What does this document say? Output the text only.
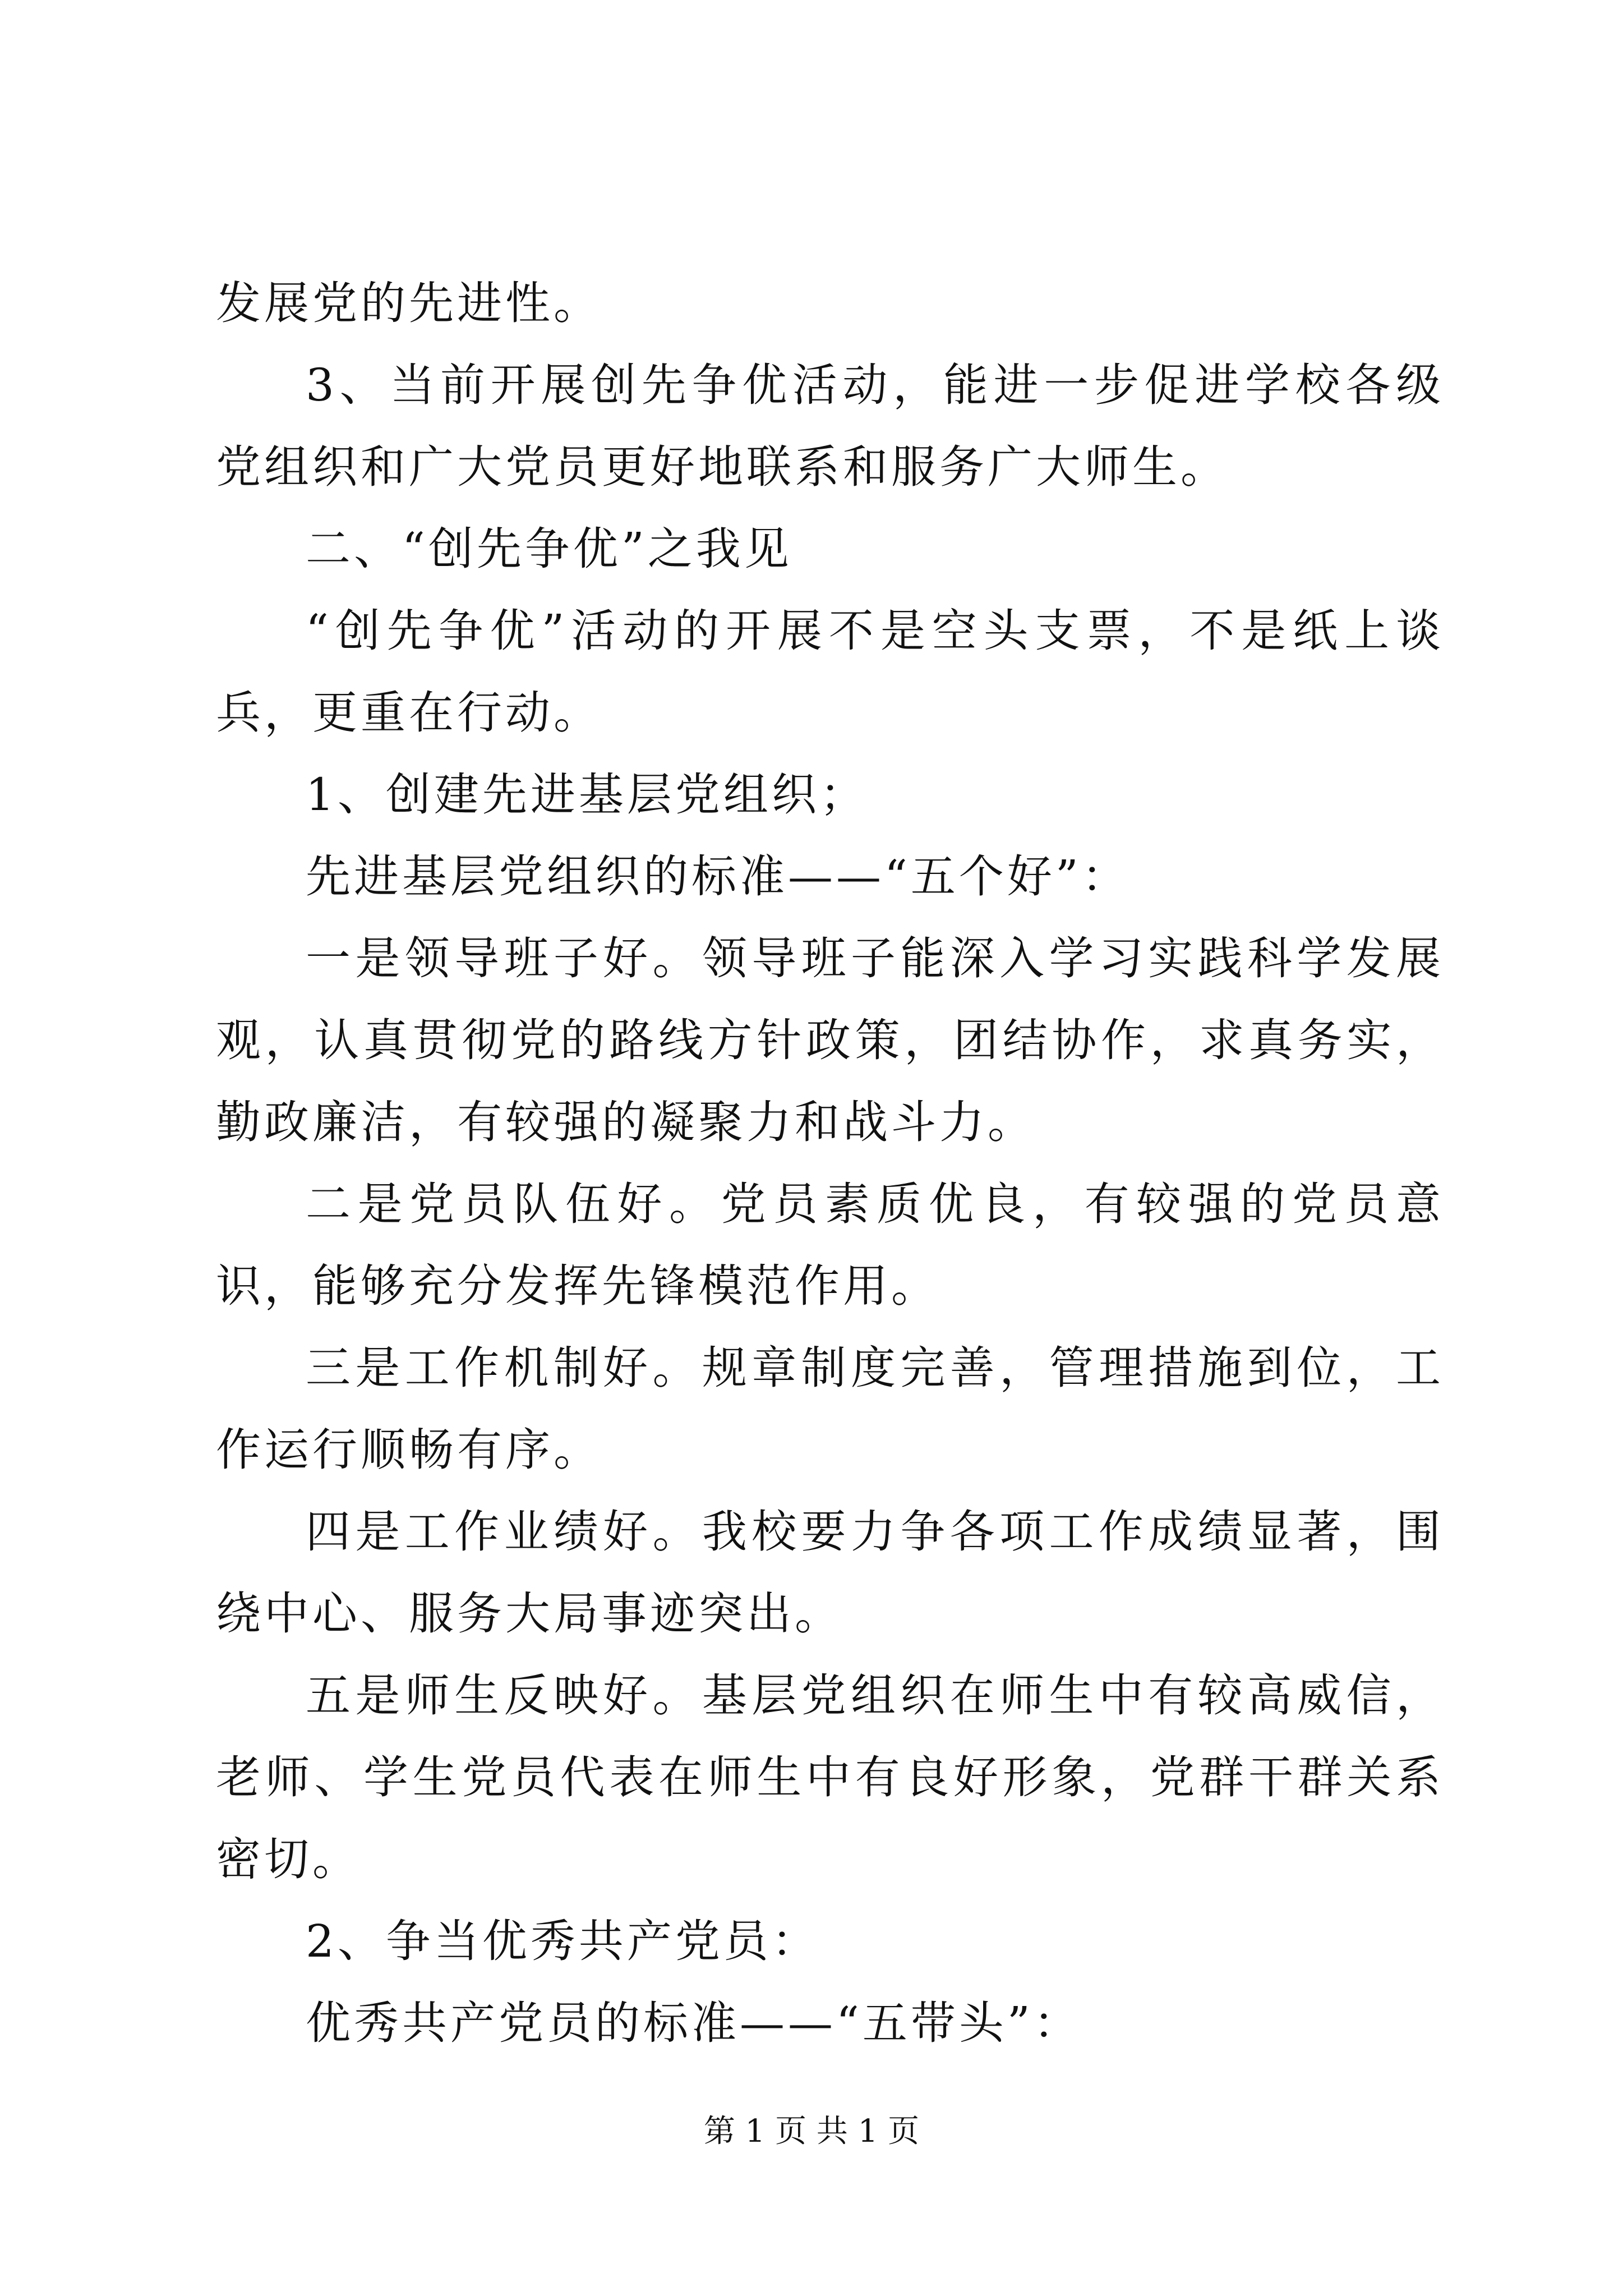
发展党的先进性。

3、当前开展创先争优活动，能进一步促进学校各级党组织和广大党员更好地联系和服务广大师生。

二、“创先争优”之我见

“创先争优”活动的开展不是空头支票，不是纸上谈兵，更重在行动。

1、创建先进基层党组织；

先进基层党组织的标准——“五个好”：

一是领导班子好。领导班子能深入学习实践科学发展观，认真贯彻党的路线方针政策，团结协作，求真务实，勤政廉洁，有较强的凝聚力和战斗力。

二是党员队伍好。党员素质优良，有较强的党员意识，能够充分发挥先锋模范作用。

三是工作机制好。规章制度完善，管理措施到位，工作运行顺畅有序。

四是工作业绩好。我校要力争各项工作成绩显著，围绕中心、服务大局事迹突出。

五是师生反映好。基层党组织在师生中有较高威信，老师、学生党员代表在师生中有良好形象，党群干群关系密切。

2、争当优秀共产党员：

优秀共产党员的标准——“五带头”：

第 1 页 共 1 页
